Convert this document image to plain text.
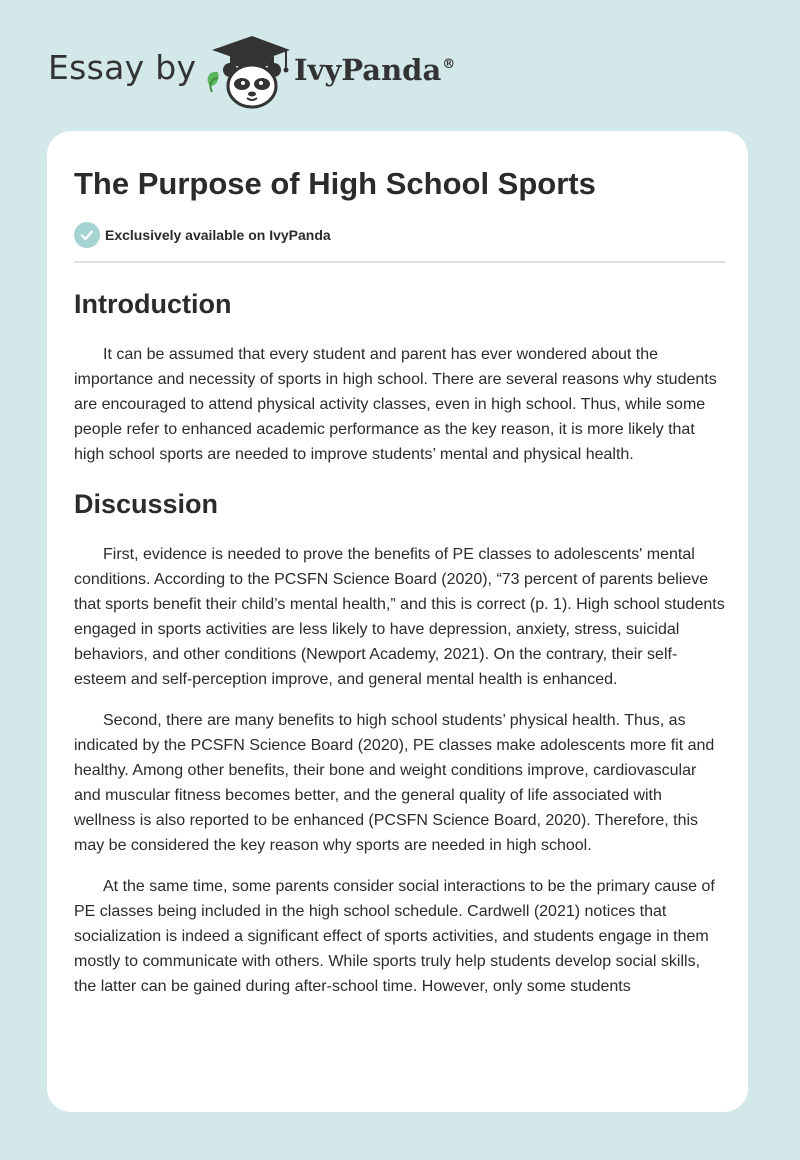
Essay by	IvyPanda®
The Purpose of High School Sports
Exclusively available on IvyPanda
Introduction

It can be assumed that every student and parent has ever wondered about the importance and necessity of sports in high school. There are several reasons why students are encouraged to attend physical activity classes, even in high school. Thus, while some people refer to enhanced academic performance as the key reason, it is more likely that high school sports are needed to improve students’ mental and physical health.

Discussion

First, evidence is needed to prove the benefits of PE classes to adolescents' mental conditions. According to the PCSFN Science Board (2020), “73 percent of parents believe that sports benefit their child’s mental health,” and this is correct (p. 1). High school students engaged in sports activities are less likely to have depression, anxiety, stress, suicidal behaviors, and other conditions (Newport Academy, 2021). On the contrary, their self-esteem and self-perception improve, and general mental health is enhanced.

Second, there are many benefits to high school students’ physical health. Thus, as indicated by the PCSFN Science Board (2020), PE classes make adolescents more fit and healthy. Among other benefits, their bone and weight conditions improve, cardiovascular and muscular fitness becomes better, and the general quality of life associated with wellness is also reported to be enhanced (PCSFN Science Board, 2020). Therefore, this may be considered the key reason why sports are needed in high school.

At the same time, some parents consider social interactions to be the primary cause of PE classes being included in the high school schedule. Cardwell (2021) notices that socialization is indeed a significant effect of sports activities, and students engage in them mostly to communicate with others. While sports truly help students develop social skills, the latter can be gained during after-school time. However, only some students
